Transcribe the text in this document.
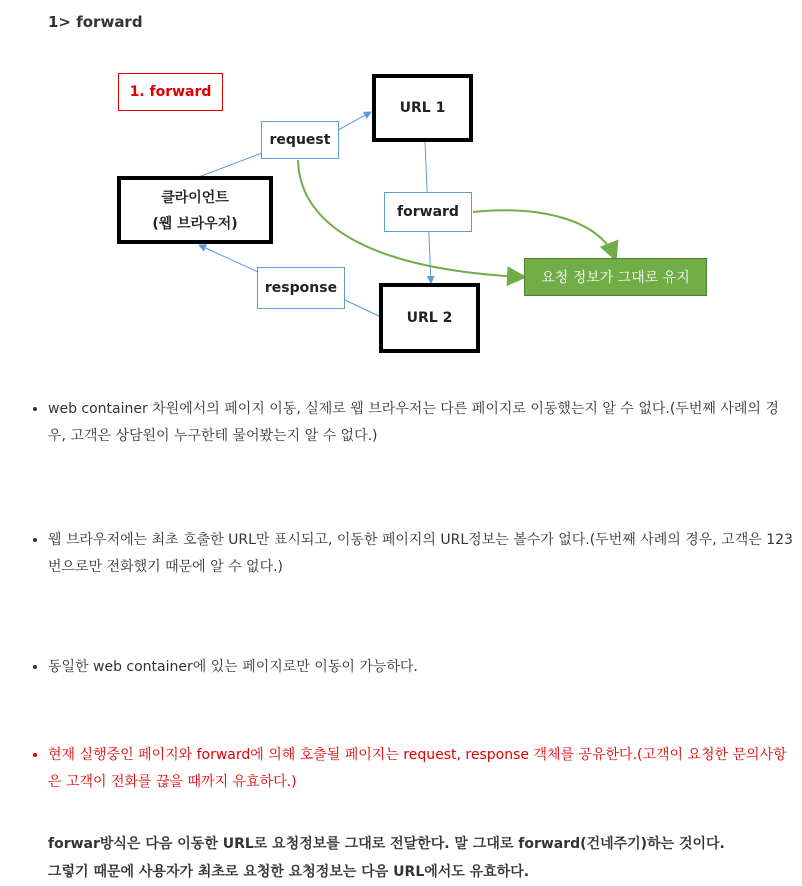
1> forward
1. forward
URL 1
request
클라이언트
(웹 브라우저)
forward
요청 정보가 그대로 유지
response
URL 2
• web container 차원에서의 페이지 이동, 실제로 웹 브라우저는 다른 페이지로 이동했는지 알 수 없다.(두번째 사례의 경우, 고객은 상담원이 누구한테 물어봤는지 알 수 없다.)
• 웹 브라우저에는 최초 호출한 URL만 표시되고, 이동한 페이지의 URL정보는 볼수가 없다.(두번째 사례의 경우, 고객은 123번으로만 전화했기 때문에 알 수 없다.)
• 동일한 web container에 있는 페이지로만 이동이 가능하다.
• 현재 실행중인 페이지와 forward에 의해 호출될 페이지는 request, response 객체를 공유한다.(고객이 요청한 문의사항은 고객이 전화를 끊을 때까지 유효하다.)
forwar방식은 다음 이동한 URL로 요청정보를 그대로 전달한다. 말 그대로 forward(건네주기)하는 것이다.
그렇기 때문에 사용자가 최초로 요청한 요청정보는 다음 URL에서도 유효하다.
